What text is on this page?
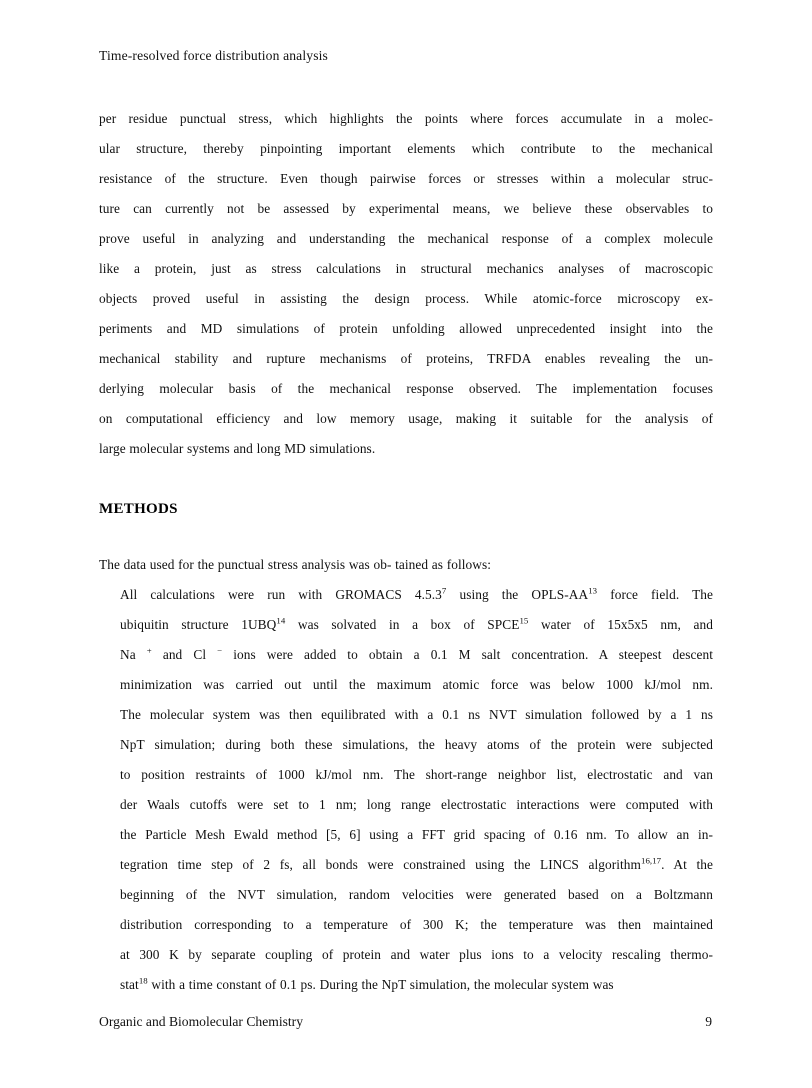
Time-resolved force distribution analysis

per residue punctual stress, which highlights the points where forces accumulate in a molec-
ular structure, thereby pinpointing important elements which contribute to the mechanical
resistance of the structure. Even though pairwise forces or stresses within a molecular struc-
ture can currently not be assessed by experimental means, we believe these observables to
prove useful in analyzing and understanding the mechanical response of a complex molecule
like a protein, just as stress calculations in structural mechanics analyses of macroscopic
objects proved useful in assisting the design process. While atomic-force microscopy ex-
periments and MD simulations of protein unfolding allowed unprecedented insight into the
mechanical stability and rupture mechanisms of proteins, TRFDA enables revealing the un-
derlying molecular basis of the mechanical response observed. The implementation focuses
on computational efficiency and low memory usage, making it suitable for the analysis of
large molecular systems and long MD simulations.

METHODS

The data used for the punctual stress analysis was ob- tained as follows:

All calculations were run with GROMACS 4.5.3$^7$ using the OPLS-AA$^{13}$ force field. The
ubiquitin structure 1UBQ$^{14}$ was solvated in a box of SPCE$^{15}$ water of 15x5x5 nm, and
Na + and Cl − ions were added to obtain a 0.1 M salt concentration. A steepest descent
minimization was carried out until the maximum atomic force was below 1000 kJ/mol nm.
The molecular system was then equilibrated with a 0.1 ns NVT simulation followed by a 1 ns
NpT simulation; during both these simulations, the heavy atoms of the protein were subjected
to position restraints of 1000 kJ/mol nm. The short-range neighbor list, electrostatic and van
der Waals cutoffs were set to 1 nm; long range electrostatic interactions were computed with
the Particle Mesh Ewald method [5, 6] using a FFT grid spacing of 0.16 nm. To allow an in-
tegration time step of 2 fs, all bonds were constrained using the LINCS algorithm$^{16,17}$. At the
beginning of the NVT simulation, random velocities were generated based on a Boltzmann
distribution corresponding to a temperature of 300 K; the temperature was then maintained
at 300 K by separate coupling of protein and water plus ions to a velocity rescaling thermo-
stat$^{18}$ with a time constant of 0.1 ps. During the NpT simulation, the molecular system was

Organic and Biomolecular Chemistry	9
